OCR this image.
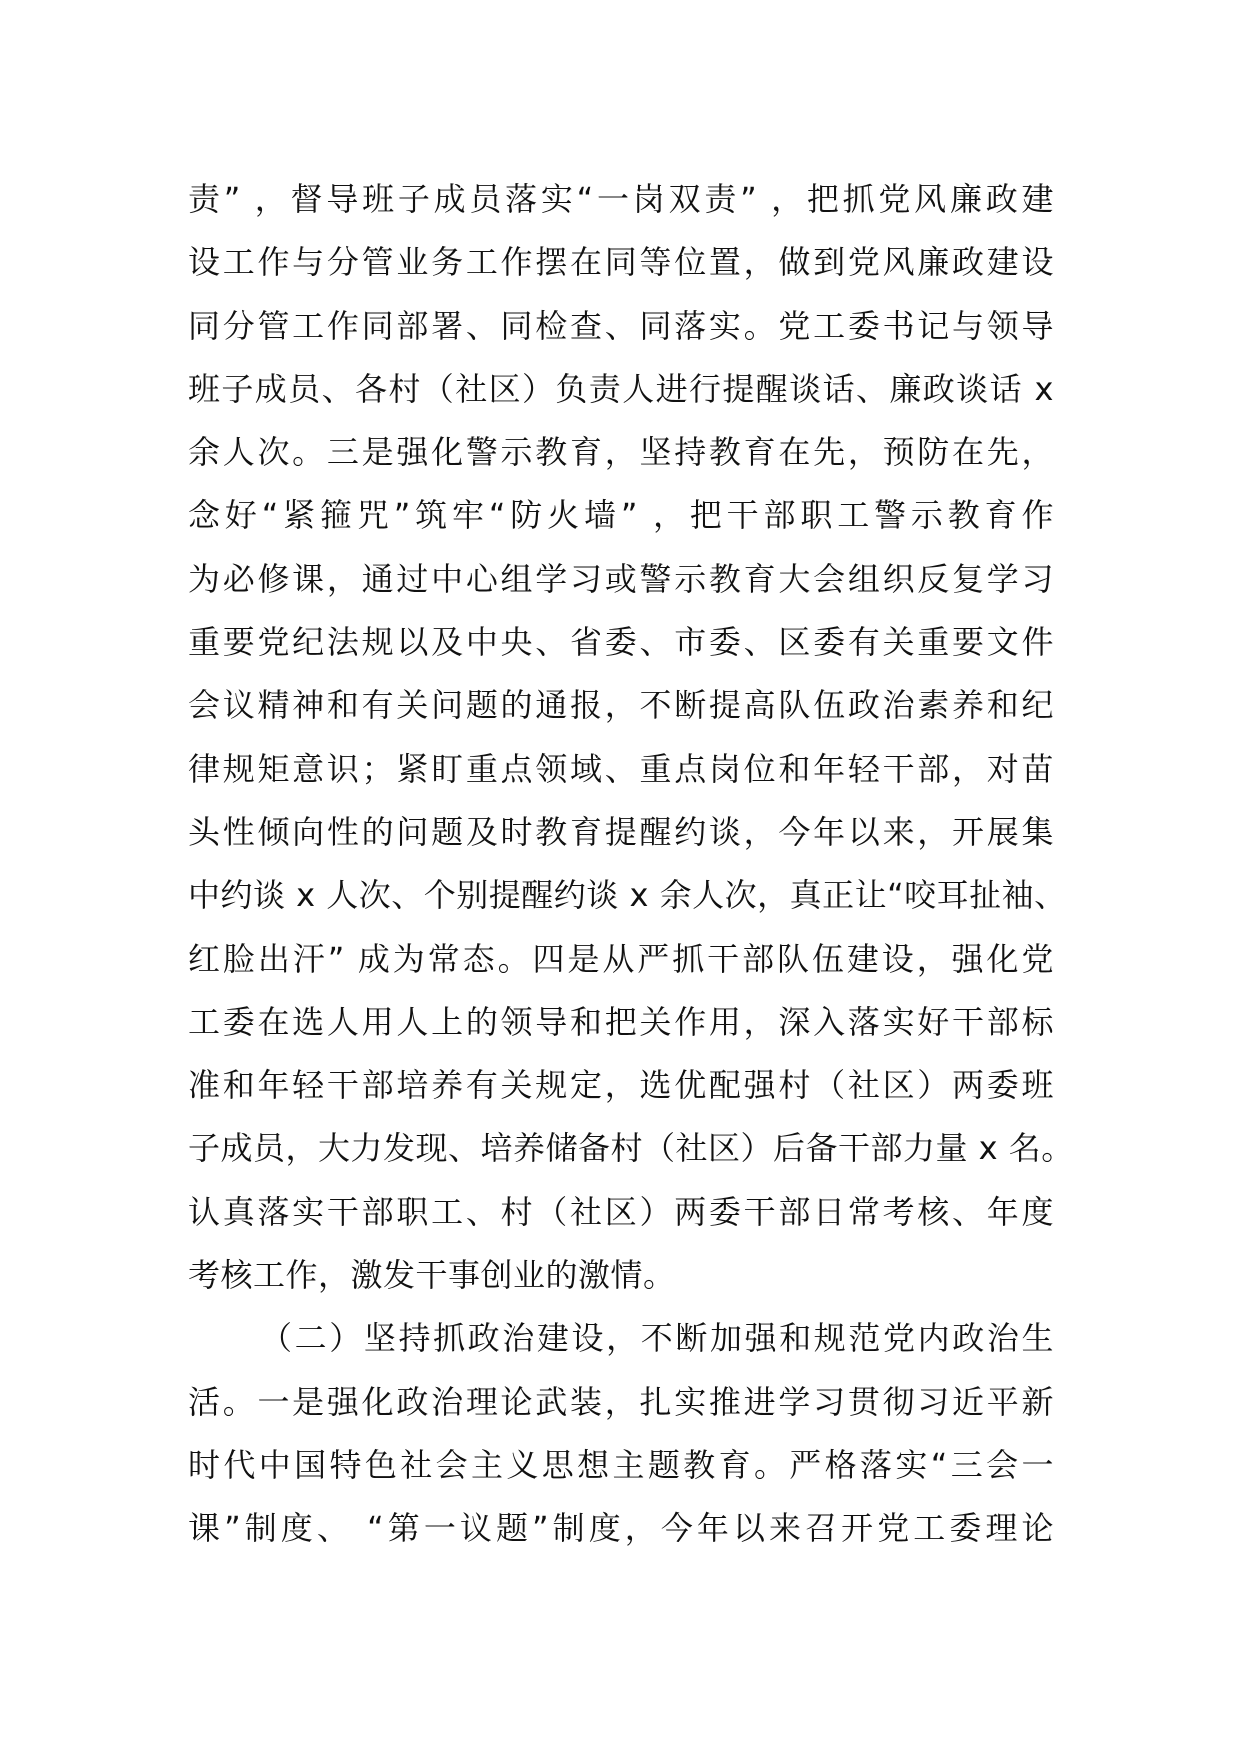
责” ，督导班子成员落实“一岗双责” ，把抓党风廉政建
设工作与分管业务工作摆在同等位置，做到党风廉政建设
同分管工作同部署、同检查、同落实。党工委书记与领导
班子成员、各村（社区）负责人进行提醒谈话、廉政谈话 x
余人次。三是强化警示教育，坚持教育在先，预防在先，
念好“紧箍咒”筑牢“防火墙” ，把干部职工警示教育作
为必修课，通过中心组学习或警示教育大会组织反复学习
重要党纪法规以及中央、省委、市委、区委有关重要文件
会议精神和有关问题的通报，不断提高队伍政治素养和纪
律规矩意识；紧盯重点领域、重点岗位和年轻干部，对苗
头性倾向性的问题及时教育提醒约谈，今年以来，开展集
中约谈 x 人次、个别提醒约谈 x 余人次，真正让“咬耳扯袖、
红脸出汗” 成为常态。四是从严抓干部队伍建设，强化党
工委在选人用人上的领导和把关作用，深入落实好干部标
准和年轻干部培养有关规定，选优配强村（社区）两委班
子成员，大力发现、培养储备村（社区）后备干部力量 x 名。
认真落实干部职工、村（社区）两委干部日常考核、年度
考核工作，激发干事创业的激情。
（二）坚持抓政治建设，不断加强和规范党内政治生
活。一是强化政治理论武装，扎实推进学习贯彻习近平新
时代中国特色社会主义思想主题教育。严格落实“三会一
课”制度、 “第一议题”制度，今年以来召开党工委理论
